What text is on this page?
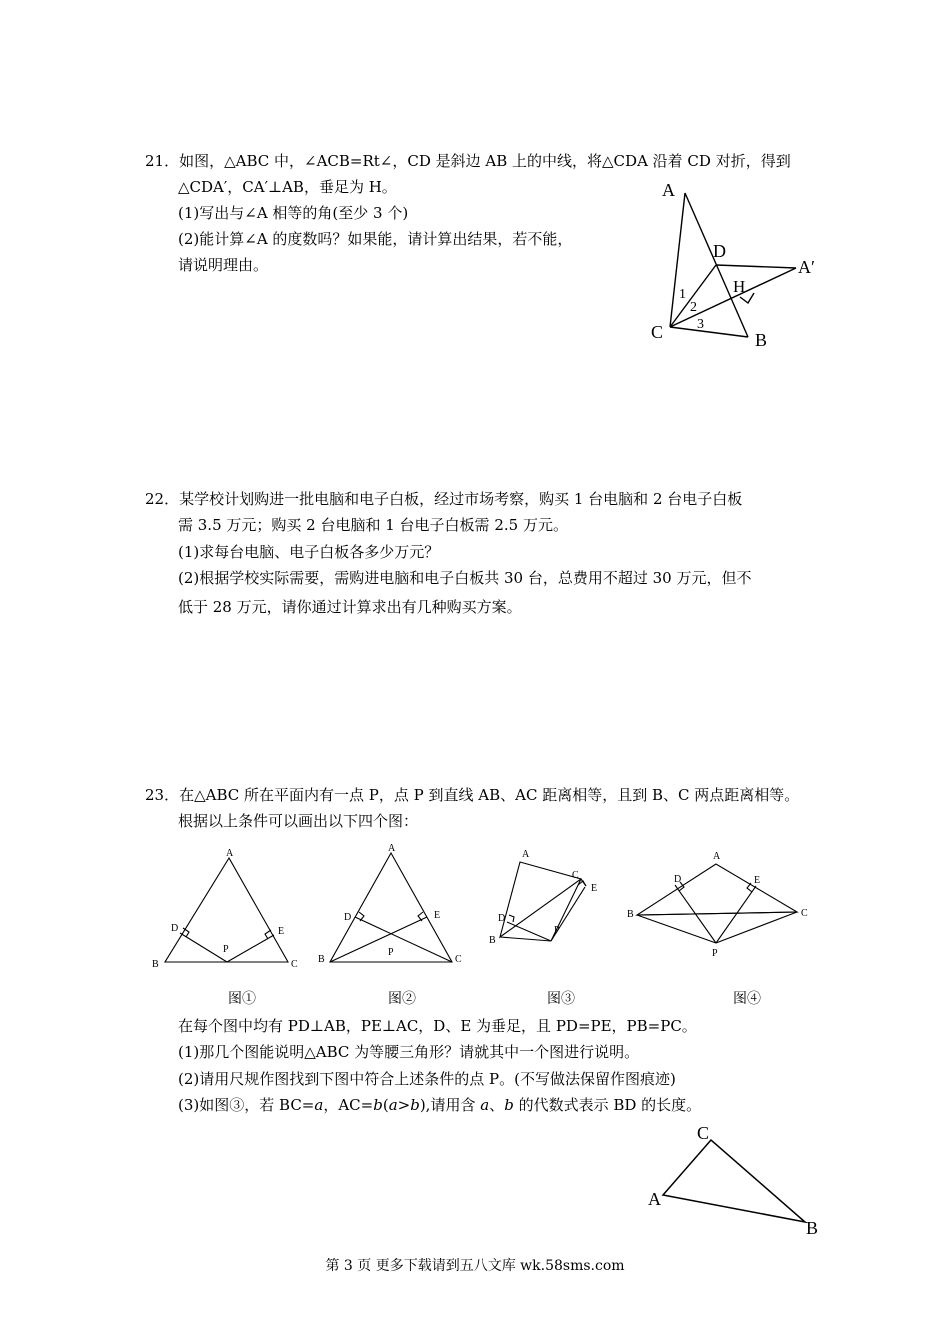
21．如图，△ABC 中，∠ACB=Rt∠，CD 是斜边 AB 上的中线，将△CDA 沿着 CD 对折，得到
△CDA′，CA′⊥AB，垂足为 H。
(1)写出与∠A 相等的角(至少 3 个)
(2)能计算∠A 的度数吗？如果能，请计算出结果，若不能，
请说明理由。
A
D
A′
H
C	B
1
2
3
22．某学校计划购进一批电脑和电子白板，经过市场考察，购买 1 台电脑和 2 台电子白板
需 3.5 万元；购买 2 台电脑和 1 台电子白板需 2.5 万元。
(1)求每台电脑、电子白板各多少万元？
(2)根据学校实际需要，需购进电脑和电子白板共 30 台，总费用不超过 30 万元，但不
低于 28 万元，请你通过计算求出有几种购买方案。
23．在△ABC 所在平面内有一点 P，点 P 到直线 AB、AC 距离相等，且到 B、C 两点距离相等。
根据以上条件可以画出以下四个图：
A
B	C
D	E
P
A
B	C
D	E
P
A
B
C
D
E
P
A
B	C
D	E
P
图①	图②	图③	图④
在每个图中均有 PD⊥AB，PE⊥AC，D、E 为垂足，且 PD=PE，PB=PC。
(1)那几个图能说明△ABC 为等腰三角形？请就其中一个图进行说明。
(2)请用尺规作图找到下图中符合上述条件的点 P。(不写做法保留作图痕迹)
(3)如图③，若 BC=a，AC=b(a>b),请用含 a、b 的代数式表示 BD 的长度。
C
A
B
第 3 页 更多下载请到五八文库 wk.58sms.com
